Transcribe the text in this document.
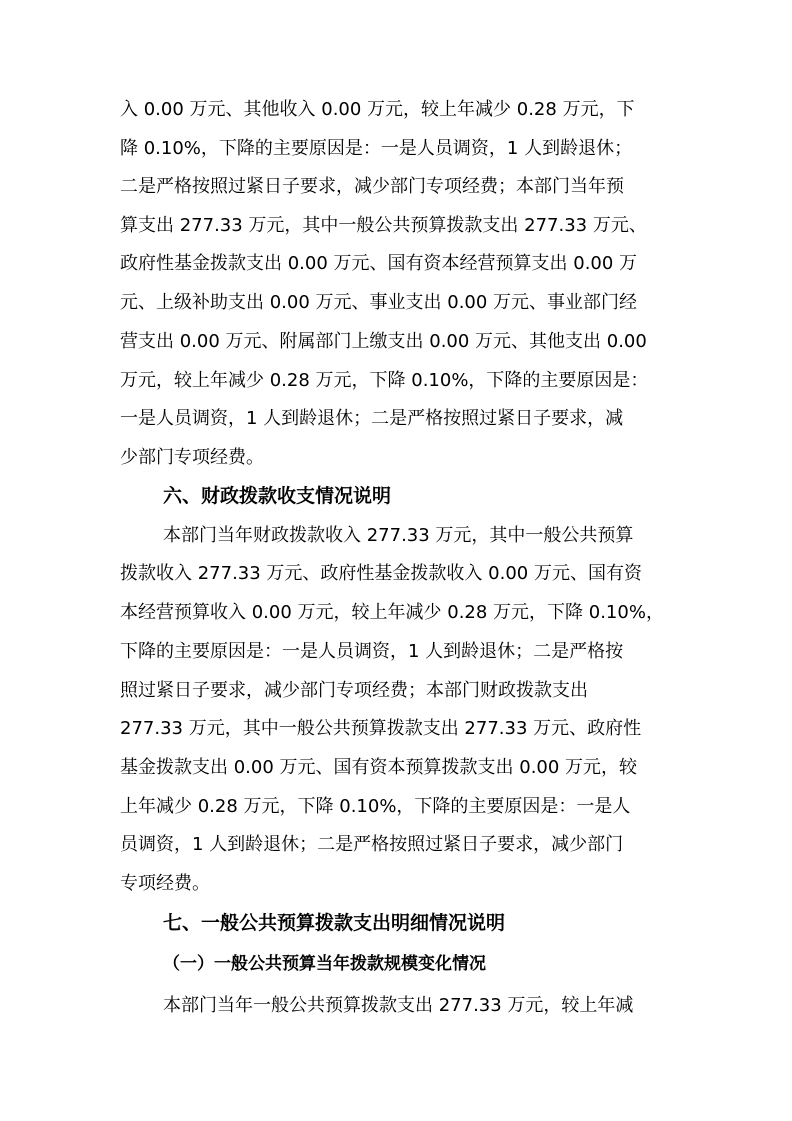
入 0.00 万元、其他收入 0.00 万元，较上年减少 0.28 万元，下

降 0.10%，下降的主要原因是：一是人员调资，1 人到龄退休；

二是严格按照过紧日子要求，减少部门专项经费；本部门当年预

算支出 277.33 万元，其中一般公共预算拨款支出 277.33 万元、

政府性基金拨款支出 0.00 万元、国有资本经营预算支出 0.00 万

元、上级补助支出 0.00 万元、事业支出 0.00 万元、事业部门经

营支出 0.00 万元、附属部门上缴支出 0.00 万元、其他支出 0.00

万元，较上年减少 0.28 万元，下降 0.10%，下降的主要原因是：

一是人员调资，1 人到龄退休；二是严格按照过紧日子要求，减

少部门专项经费。

六、财政拨款收支情况说明

本部门当年财政拨款收入 277.33 万元，其中一般公共预算

拨款收入 277.33 万元、政府性基金拨款收入 0.00 万元、国有资

本经营预算收入 0.00 万元，较上年减少 0.28 万元，下降 0.10%，

下降的主要原因是：一是人员调资，1 人到龄退休；二是严格按

照过紧日子要求，减少部门专项经费；本部门财政拨款支出

277.33 万元，其中一般公共预算拨款支出 277.33 万元、政府性

基金拨款支出 0.00 万元、国有资本预算拨款支出 0.00 万元，较

上年减少 0.28 万元，下降 0.10%，下降的主要原因是：一是人

员调资，1 人到龄退休；二是严格按照过紧日子要求，减少部门

专项经费。

七、一般公共预算拨款支出明细情况说明
（一）一般公共预算当年拨款规模变化情况

本部门当年一般公共预算拨款支出 277.33 万元，较上年减
